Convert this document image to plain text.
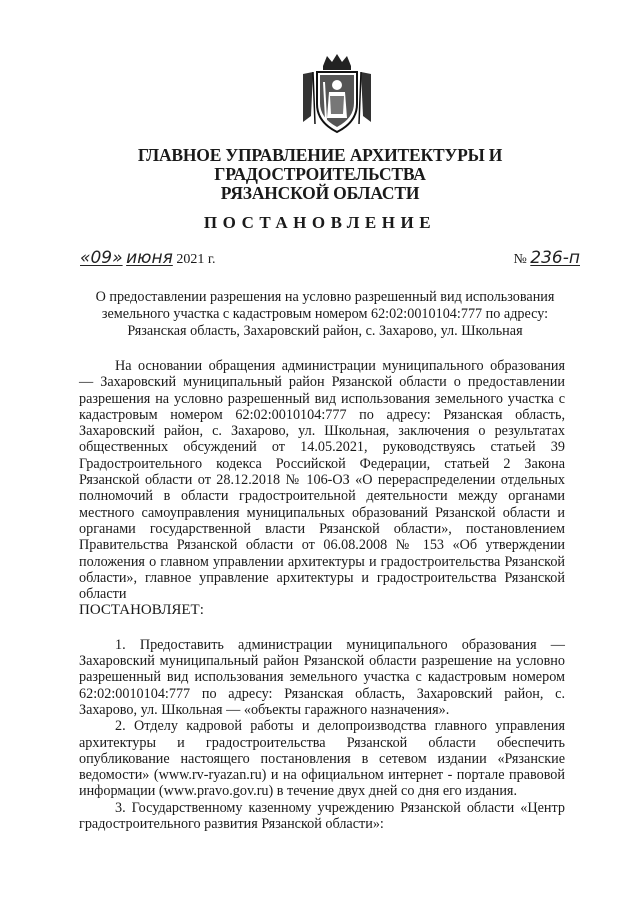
ГЛАВНОЕ УПРАВЛЕНИЕ АРХИТЕКТУРЫ И ГРАДОСТРОИТЕЛЬСТВА
РЯЗАНСКОЙ ОБЛАСТИ
ПОСТАНОВЛЕНИЕ
«09» июня 2021 г.	№ 236-п
О предоставлении разрешения на условно разрешенный вид использования земельного участка с кадастровым номером 62:02:0010104:777 по адресу: Рязанская область, Захаровский район, с. Захарово, ул. Школьная

На основании обращения администрации муниципального образования — Захаровский муниципальный район Рязанской области о предоставлении разрешения на условно разрешенный вид использования земельного участка с кадастровым номером 62:02:0010104:777 по адресу: Рязанская область, Захаровский район, с. Захарово, ул. Школьная, заключения о результатах общественных обсуждений от 14.05.2021, руководствуясь статьей 39 Градостроительного кодекса Российской Федерации, статьей 2 Закона Рязанской области от 28.12.2018 № 106-ОЗ «О перераспределении отдельных полномочий в области градостроительной деятельности между органами местного самоуправления муниципальных образований Рязанской области и органами государственной власти Рязанской области», постановлением Правительства Рязанской области от 06.08.2008 № 153 «Об утверждении положения о главном управлении архитектуры и градостроительства Рязанской области», главное управление архитектуры и градостроительства Рязанской области

ПОСТАНОВЛЯЕТ:

1. Предоставить администрации муниципального образования — Захаровский муниципальный район Рязанской области разрешение на условно разрешенный вид использования земельного участка с кадастровым номером 62:02:0010104:777 по адресу: Рязанская область, Захаровский район, с. Захарово, ул. Школьная — «объекты гаражного назначения».

2. Отделу кадровой работы и делопроизводства главного управления архитектуры и градостроительства Рязанской области обеспечить опубликование настоящего постановления в сетевом издании «Рязанские ведомости» (www.rv-ryazan.ru) и на официальном интернет - портале правовой информации (www.pravo.gov.ru) в течение двух дней со дня его издания.

3. Государственному казенному учреждению Рязанской области «Центр градостроительного развития Рязанской области»:
